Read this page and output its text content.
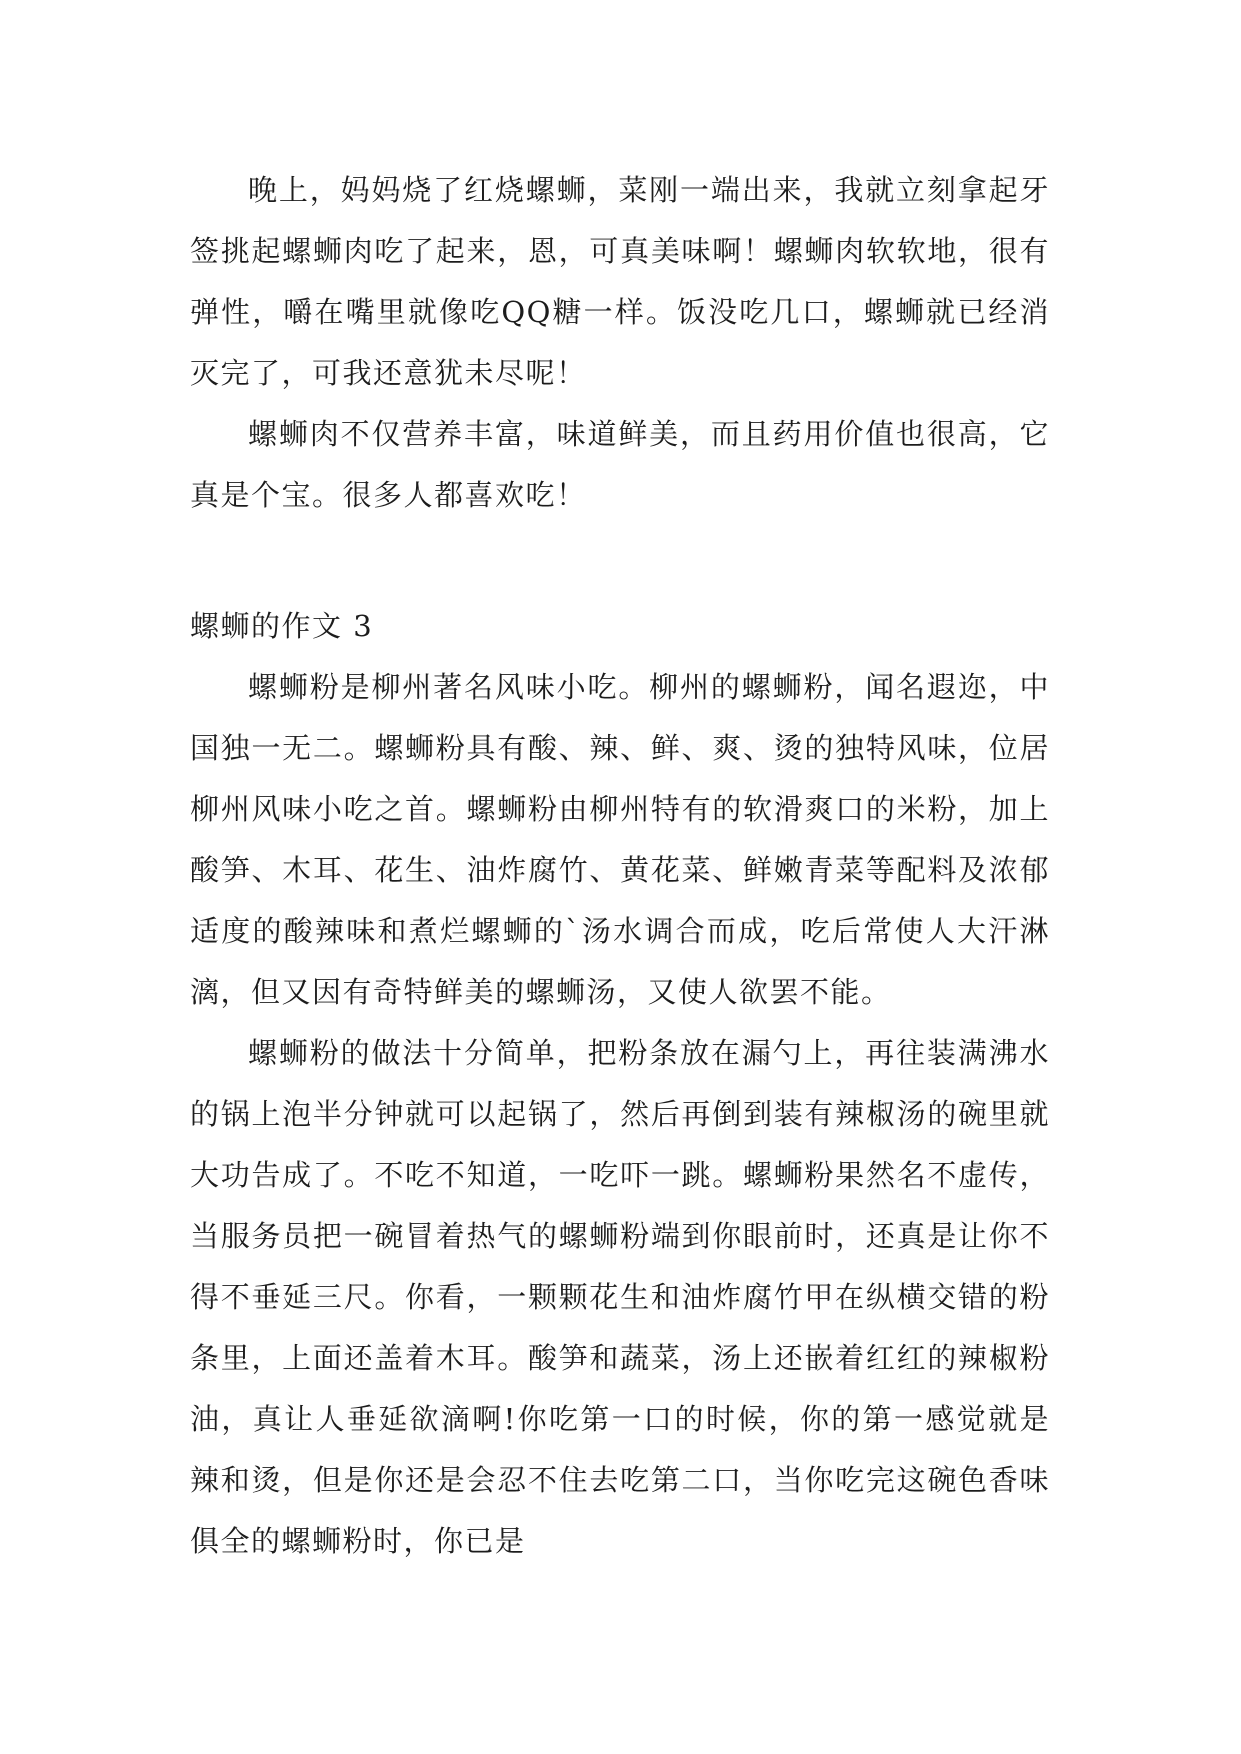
晚上，妈妈烧了红烧螺蛳，菜刚一端出来，我就立刻拿起牙签挑起螺蛳肉吃了起来，恩，可真美味啊！螺蛳肉软软地，很有弹性，嚼在嘴里就像吃QQ糖一样。饭没吃几口，螺蛳就已经消灭完了，可我还意犹未尽呢！

螺蛳肉不仅营养丰富，味道鲜美，而且药用价值也很高，它真是个宝。很多人都喜欢吃！

螺蛳的作文 3

螺蛳粉是柳州著名风味小吃。柳州的螺蛳粉，闻名遐迩，中国独一无二。螺蛳粉具有酸、辣、鲜、爽、烫的独特风味，位居柳州风味小吃之首。螺蛳粉由柳州特有的软滑爽口的米粉，加上酸笋、木耳、花生、油炸腐竹、黄花菜、鲜嫩青菜等配料及浓郁适度的酸辣味和煮烂螺蛳的`汤水调合而成，吃后常使人大汗淋漓，但又因有奇特鲜美的螺蛳汤，又使人欲罢不能。

螺蛳粉的做法十分简单，把粉条放在漏勺上，再往装满沸水的锅上泡半分钟就可以起锅了，然后再倒到装有辣椒汤的碗里就大功告成了。不吃不知道，一吃吓一跳。螺蛳粉果然名不虚传，当服务员把一碗冒着热气的螺蛳粉端到你眼前时，还真是让你不得不垂延三尺。你看，一颗颗花生和油炸腐竹甲在纵横交错的粉条里，上面还盖着木耳。酸笋和蔬菜，汤上还嵌着红红的辣椒粉油，真让人垂延欲滴啊!你吃第一口的时候，你的第一感觉就是辣和烫，但是你还是会忍不住去吃第二口，当你吃完这碗色香味俱全的螺蛳粉时，你已是
